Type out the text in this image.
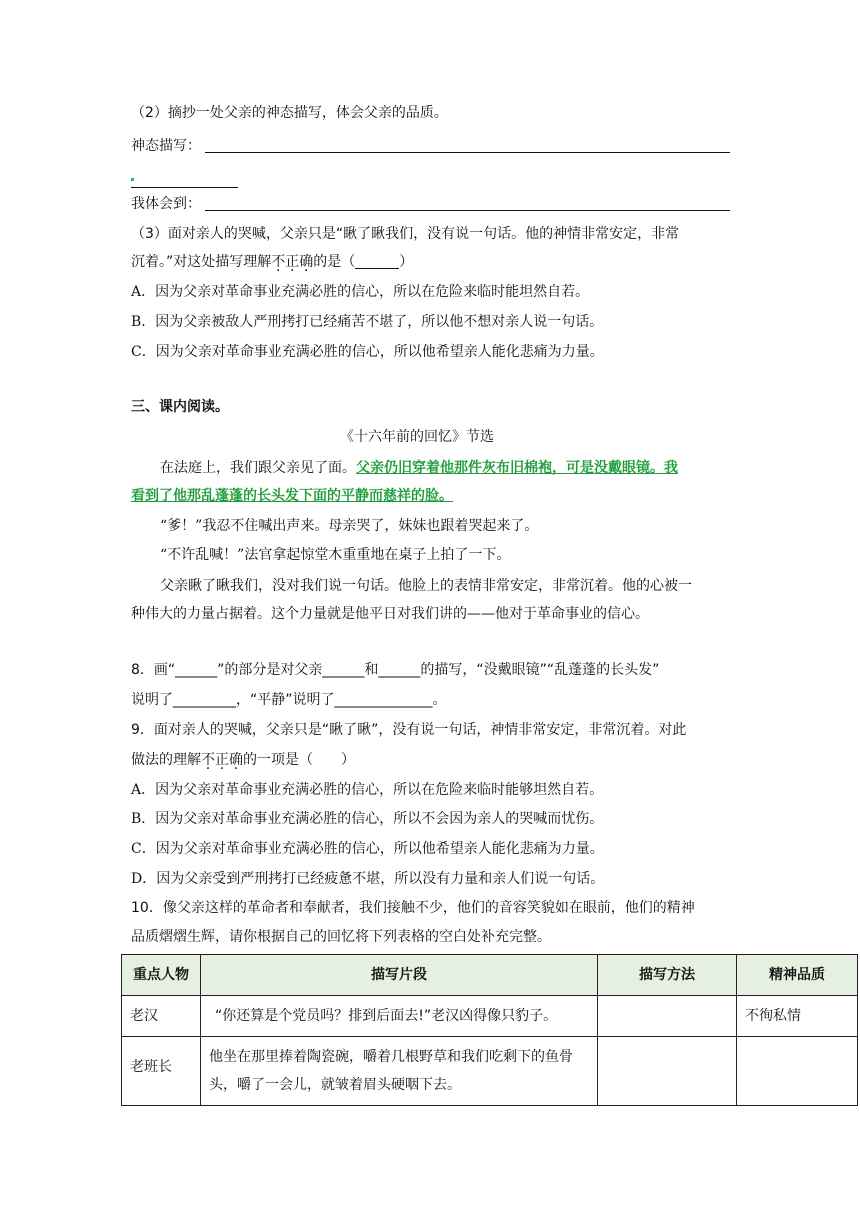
（2）摘抄一处父亲的神态描写，体会父亲的品质。
神态描写：
我体会到：
（3）面对亲人的哭喊，父亲只是“瞅了瞅我们，没有说一句话。他的神情非常安定，非常
沉着。”对这处描写理解不正确的是（	）
A．因为父亲对革命事业充满必胜的信心，所以在危险来临时能坦然自若。
B．因为父亲被敌人严刑拷打已经痛苦不堪了，所以他不想对亲人说一句话。
C．因为父亲对革命事业充满必胜的信心，所以他希望亲人能化悲痛为力量。
三、课内阅读。
《十六年前的回忆》节选
在法庭上，我们跟父亲见了面。父亲仍旧穿着他那件灰布旧棉袍，可是没戴眼镜。我
看到了他那乱蓬蓬的长头发下面的平静而慈祥的脸。
“爹！”我忍不住喊出声来。母亲哭了，妹妹也跟着哭起来了。
“不许乱喊！”法官拿起惊堂木重重地在桌子上拍了一下。
父亲瞅了瞅我们，没对我们说一句话。他脸上的表情非常安定，非常沉着。他的心被一
种伟大的力量占据着。这个力量就是他平日对我们讲的——他对于革命事业的信心。
8．画“______”的部分是对父亲______和______的描写，“没戴眼镜”“乱蓬蓬的长头发”
说明了_________，“平静”说明了______________。
9．面对亲人的哭喊，父亲只是“瞅了瞅”，没有说一句话，神情非常安定，非常沉着。对此
做法的理解不正确的一项是（　　）
A．因为父亲对革命事业充满必胜的信心，所以在危险来临时能够坦然自若。
B．因为父亲对革命事业充满必胜的信心，所以不会因为亲人的哭喊而忧伤。
C．因为父亲对革命事业充满必胜的信心，所以他希望亲人能化悲痛为力量。
D．因为父亲受到严刑拷打已经疲惫不堪，所以没有力量和亲人们说一句话。
10．像父亲这样的革命者和奉献者，我们接触不少，他们的音容笑貌如在眼前，他们的精神
品质熠熠生辉，请你根据自己的回忆将下列表格的空白处补充完整。
重点人物	描写片段	描写方法	精神品质
老汉	“你还算是个党员吗？排到后面去!”老汉凶得像只豹子。		不徇私情
老班长	他坐在那里捧着陶瓷碗，嚼着几根野草和我们吃剩下的鱼骨头，嚼了一会儿，就皱着眉头硬咽下去。		
